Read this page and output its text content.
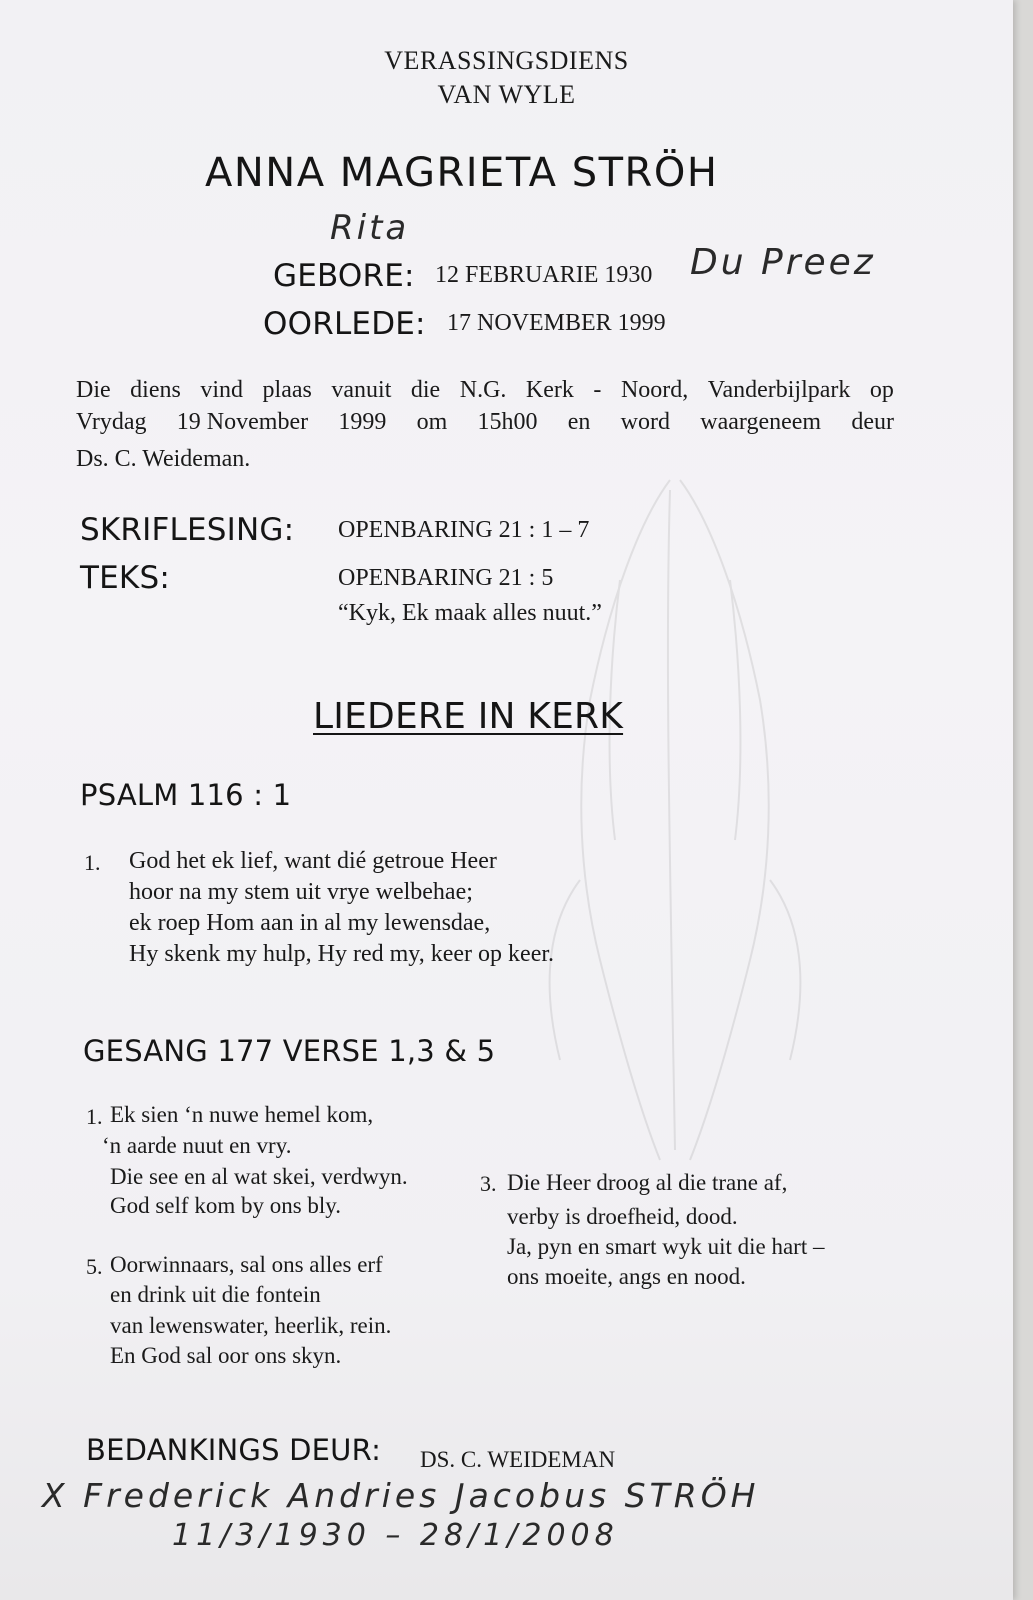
VERASSINGSDIENS
VAN WYLE
ANNA MAGRIETA STRÖH
Rita
GEBORE: 12 FEBRUARIE 1930 Du Preez
OORLEDE: 17 NOVEMBER 1999
Die diens vind plaas vanuit die N.G. Kerk - Noord, Vanderbijlpark op
Vrydag 19 November 1999 om 15h00 en word waargeneem deur
Ds. C. Weideman.
SKRIFLESING: OPENBARING 21 : 1 – 7
TEKS:	OPENBARING 21 : 5
“Kyk, Ek maak alles nuut.”
LIEDERE IN KERK
PSALM 116 : 1
1. God het ek lief, want dié getroue Heer
hoor na my stem uit vrye welbehae;
ek roep Hom aan in al my lewensdae,
Hy skenk my hulp, Hy red my, keer op keer.
GESANG 177 VERSE 1,3 & 5
1. Ek sien ‘n nuwe hemel kom,
‘n aarde nuut en vry.
Die see en al wat skei, verdwyn.
God self kom by ons bly.
5. Oorwinnaars, sal ons alles erf
en drink uit die fontein
van lewenswater, heerlik, rein.
En God sal oor ons skyn.
3. Die Heer droog al die trane af,
verby is droefheid, dood.
Ja, pyn en smart wyk uit die hart –
ons moeite, angs en nood.
BEDANKINGS DEUR: DS. C. WEIDEMAN
X Frederick Andries Jacobus STRÖH
11/3/1930 – 28/1/2008
